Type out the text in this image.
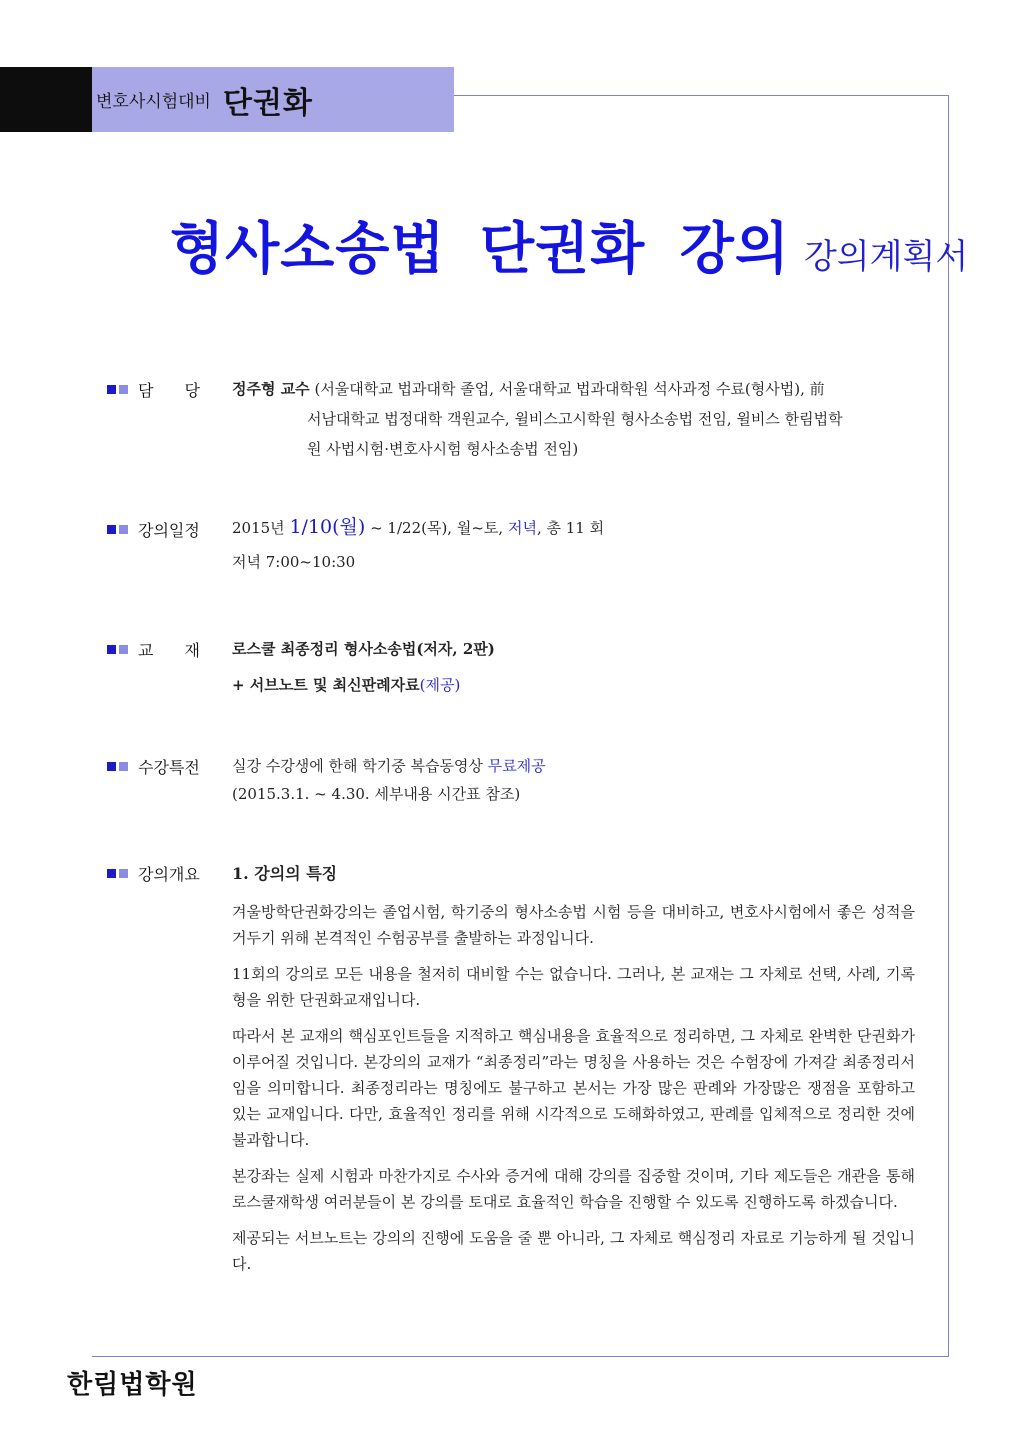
변호사시험대비 단권화
형사소송법 단권화 강의 강의계획서
담 당 정주형 교수 (서울대학교 법과대학 졸업, 서울대학교 법과대학원 석사과정 수료(형사법), 前
서남대학교 법정대학 객원교수, 윌비스고시학원 형사소송법 전임, 윌비스 한림법학
원 사법시험·변호사시험 형사소송법 전임)
강의일정 2015년 1/10(월) ~ 1/22(목), 월~토, 저녁, 총 11 회
저녁 7:00~10:30
교 재 로스쿨 최종정리 형사소송법(저자, 2판)
+ 서브노트 및 최신판례자료(제공)
수강특전 실강 수강생에 한해 학기중 복습동영상 무료제공
(2015.3.1. ~ 4.30. 세부내용 시간표 참조)
강의개요 1. 강의의 특징

겨울방학단권화강의는 졸업시험, 학기중의 형사소송법 시험 등을 대비하고, 변호사시험에서 좋은 성적을 거두기 위해 본격적인 수험공부를 출발하는 과정입니다.

11회의 강의로 모든 내용을 철저히 대비할 수는 없습니다. 그러나, 본 교재는 그 자체로 선택, 사례, 기록형을 위한 단권화교재입니다.

따라서 본 교재의 핵심포인트들을 지적하고 핵심내용을 효율적으로 정리하면, 그 자체로 완벽한 단권화가 이루어질 것입니다. 본강의의 교재가 “최종정리”라는 명칭을 사용하는 것은 수험장에 가져갈 최종정리서임을 의미합니다. 최종정리라는 명칭에도 불구하고 본서는 가장 많은 판례와 가장많은 쟁점을 포함하고 있는 교재입니다. 다만, 효율적인 정리를 위해 시각적으로 도해화하였고, 판례를 입체적으로 정리한 것에 불과합니다.

본강좌는 실제 시험과 마찬가지로 수사와 증거에 대해 강의를 집중할 것이며, 기타 제도들은 개관을 통해 로스쿨재학생 여러분들이 본 강의를 토대로 효율적인 학습을 진행할 수 있도록 진행하도록 하겠습니다.

제공되는 서브노트는 강의의 진행에 도움을 줄 뿐 아니라, 그 자체로 핵심정리 자료로 기능하게 될 것입니다.

한림법학원
